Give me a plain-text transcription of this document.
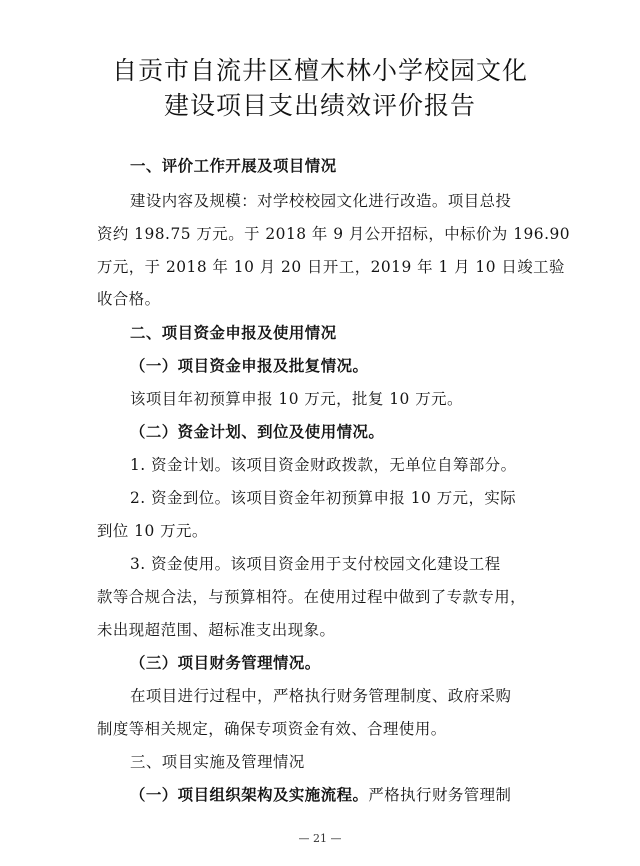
自贡市自流井区檀木林小学校园文化
建设项目支出绩效评价报告
一、评价工作开展及项目情况
建设内容及规模：对学校校园文化进行改造。项目总投
资约 198.75 万元。于 2018 年 9 月公开招标，中标价为 196.90
万元，于 2018 年 10 月 20 日开工，2019 年 1 月 10 日竣工验
收合格。
二、项目资金申报及使用情况
（一）项目资金申报及批复情况。
该项目年初预算申报 10 万元，批复 10 万元。
（二）资金计划、到位及使用情况。
1. 资金计划。该项目资金财政拨款，无单位自筹部分。
2. 资金到位。该项目资金年初预算申报 10 万元，实际
到位 10 万元。
3. 资金使用。该项目资金用于支付校园文化建设工程
款等合规合法，与预算相符。在使用过程中做到了专款专用，
未出现超范围、超标准支出现象。
（三）项目财务管理情况。
在项目进行过程中，严格执行财务管理制度、政府采购
制度等相关规定，确保专项资金有效、合理使用。
三、项目实施及管理情况
（一）项目组织架构及实施流程。严格执行财务管理制
— 21 —
